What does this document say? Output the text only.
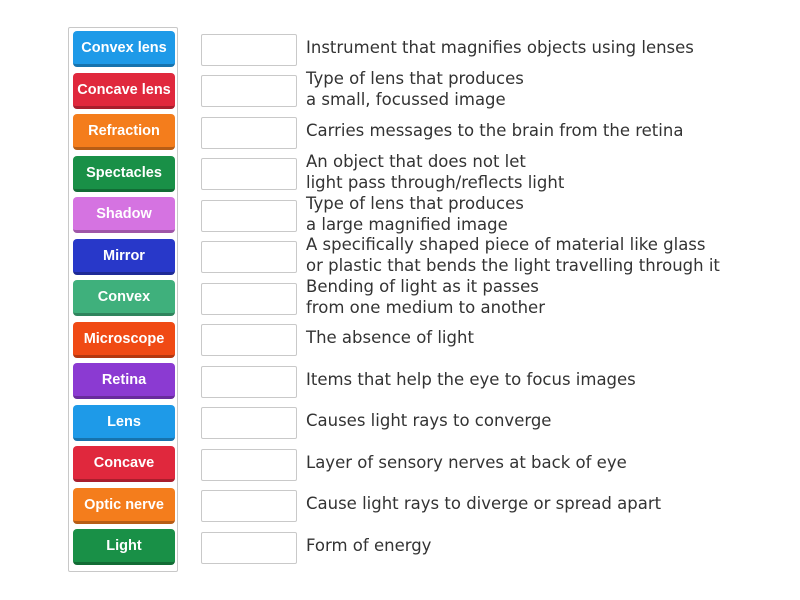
Convex lens
Concave lens
Refraction
Spectacles
Shadow
Mirror
Convex
Microscope
Retina
Lens
Concave
Optic nerve
Light
Instrument that magnifies objects using lenses
Type of lens that produces
a small, focussed image
Carries messages to the brain from the retina
An object that does not let
light pass through/reflects light
Type of lens that produces
a large magnified image
A specifically shaped piece of material like glass
or plastic that bends the light travelling through it
Bending of light as it passes
from one medium to another
The absence of light
Items that help the eye to focus images
Causes light rays to converge
Layer of sensory nerves at back of eye
Cause light rays to diverge or spread apart
Form of energy
